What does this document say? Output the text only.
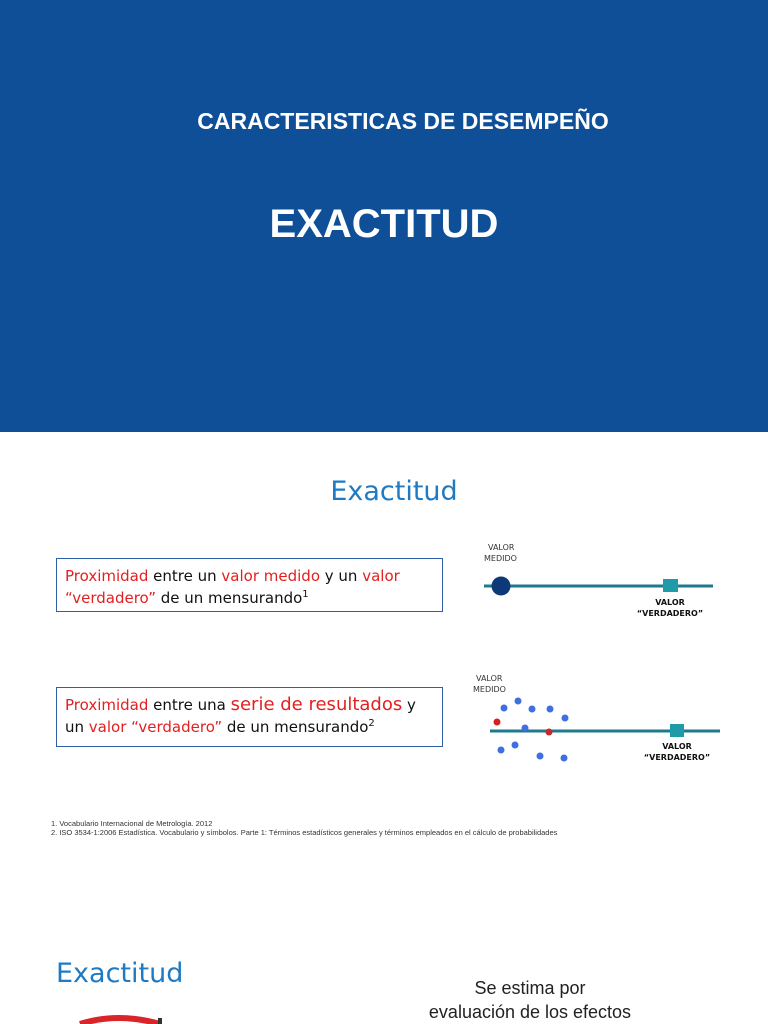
CARACTERISTICAS DE DESEMPEÑO
EXACTITUD
Exactitud
Proximidad entre un valor medido y un valor “verdadero” de un mensurando$^1$
Proximidad entre una serie de resultados y un valor “verdadero” de un mensurando$^2$
VALOR
MEDIDO
VALOR
“VERDADERO”
VALOR
MEDIDO
VALOR
“VERDADERO”
1. Vocabulario Internacional de Metrología. 2012
2. ISO 3534-1:2006 Estadística. Vocabulario y símbolos. Parte 1: Términos estadísticos generales y términos empleados en el cálculo de probabilidades
Exactitud	Se estima por
evaluación de los efectos
